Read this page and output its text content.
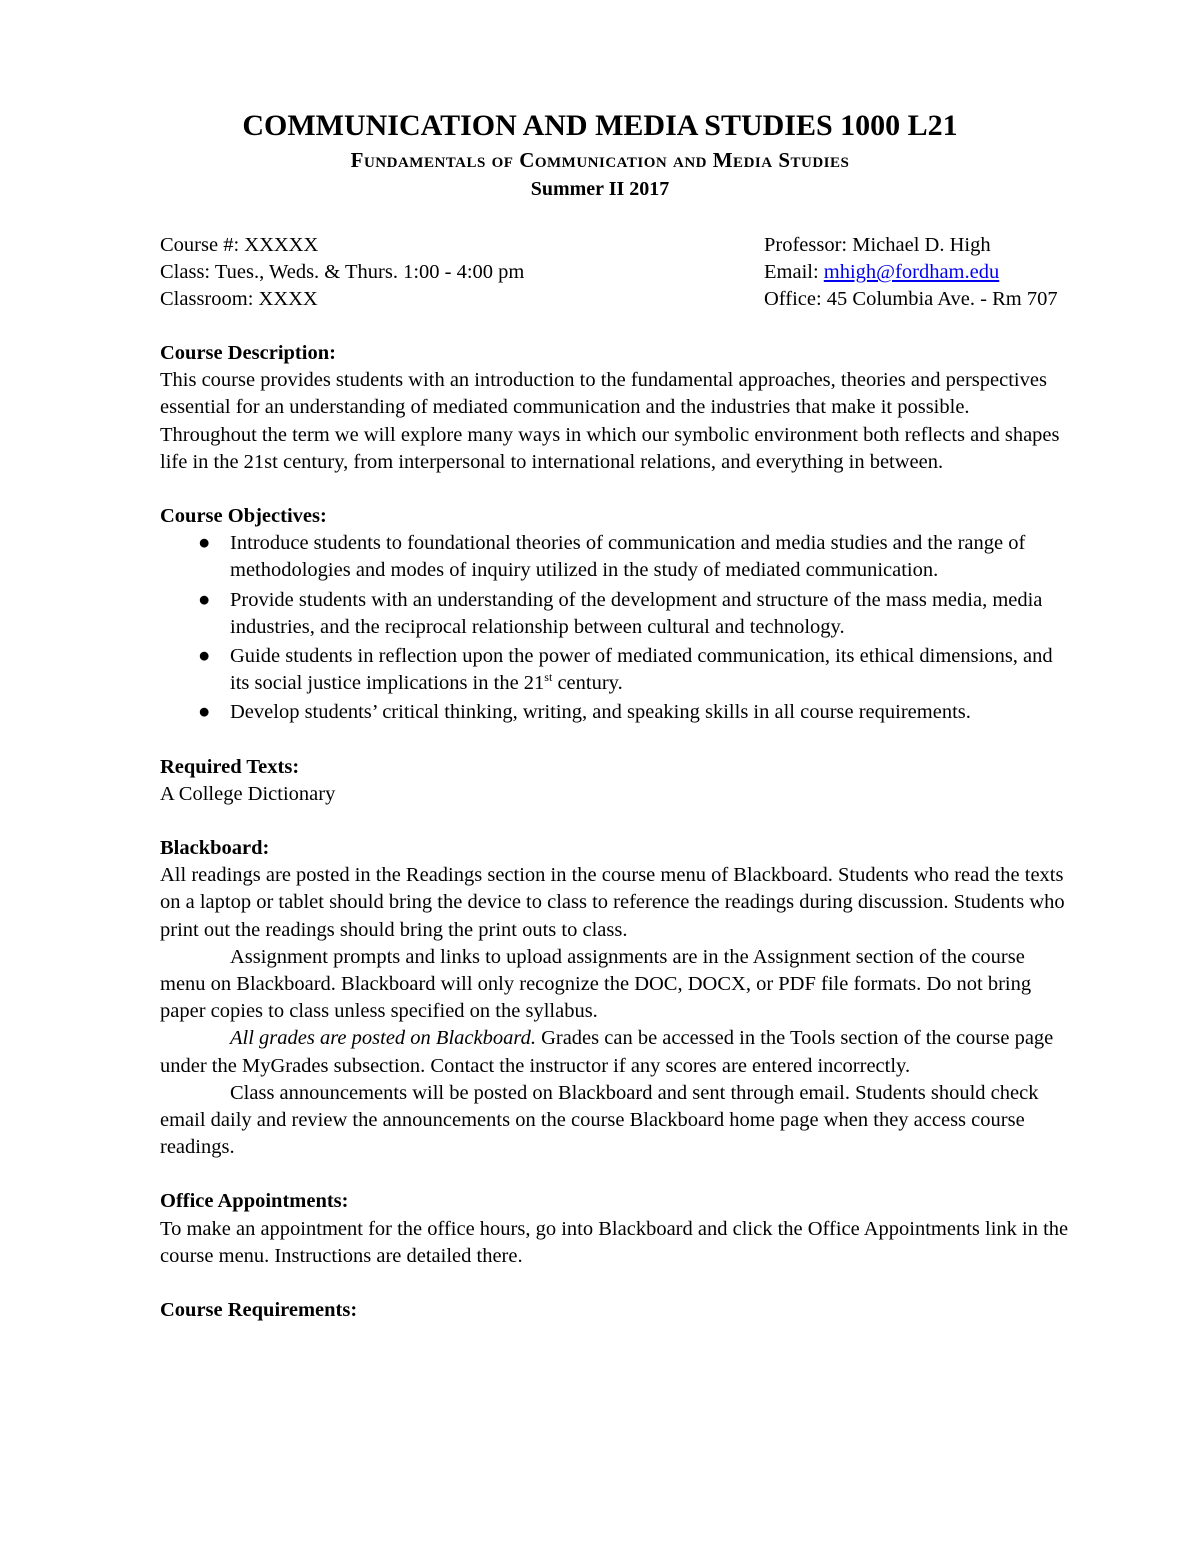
COMMUNICATION AND MEDIA STUDIES 1000 L21
Fundamentals of Communication and Media Studies
Summer II 2017
Course #: XXXXX
Class: Tues., Weds. & Thurs. 1:00 - 4:00 pm
Classroom: XXXX
Professor: Michael D. High
Email: mhigh@fordham.edu
Office: 45 Columbia Ave. - Rm 707
Course Description:

This course provides students with an introduction to the fundamental approaches, theories and perspectives essential for an understanding of mediated communication and the industries that make it possible. Throughout the term we will explore many ways in which our symbolic environment both reflects and shapes life in the 21st century, from interpersonal to international relations, and everything in between.

Course Objectives:
● Introduce students to foundational theories of communication and media studies and the range of methodologies and modes of inquiry utilized in the study of mediated communication.
● Provide students with an understanding of the development and structure of the mass media, media industries, and the reciprocal relationship between cultural and technology.
● Guide students in reflection upon the power of mediated communication, its ethical dimensions, and its social justice implications in the 21st century.
● Develop students’ critical thinking, writing, and speaking skills in all course requirements.
Required Texts:

A College Dictionary

Blackboard:

All readings are posted in the Readings section in the course menu of Blackboard. Students who read the texts on a laptop or tablet should bring the device to class to reference the readings during discussion. Students who print out the readings should bring the print outs to class.

Assignment prompts and links to upload assignments are in the Assignment section of the course menu on Blackboard. Blackboard will only recognize the DOC, DOCX, or PDF file formats. Do not bring paper copies to class unless specified on the syllabus.

All grades are posted on Blackboard. Grades can be accessed in the Tools section of the course page under the MyGrades subsection. Contact the instructor if any scores are entered incorrectly.

Class announcements will be posted on Blackboard and sent through email. Students should check email daily and review the announcements on the course Blackboard home page when they access course readings.

Office Appointments:

To make an appointment for the office hours, go into Blackboard and click the Office Appointments link in the course menu. Instructions are detailed there.

Course Requirements:
